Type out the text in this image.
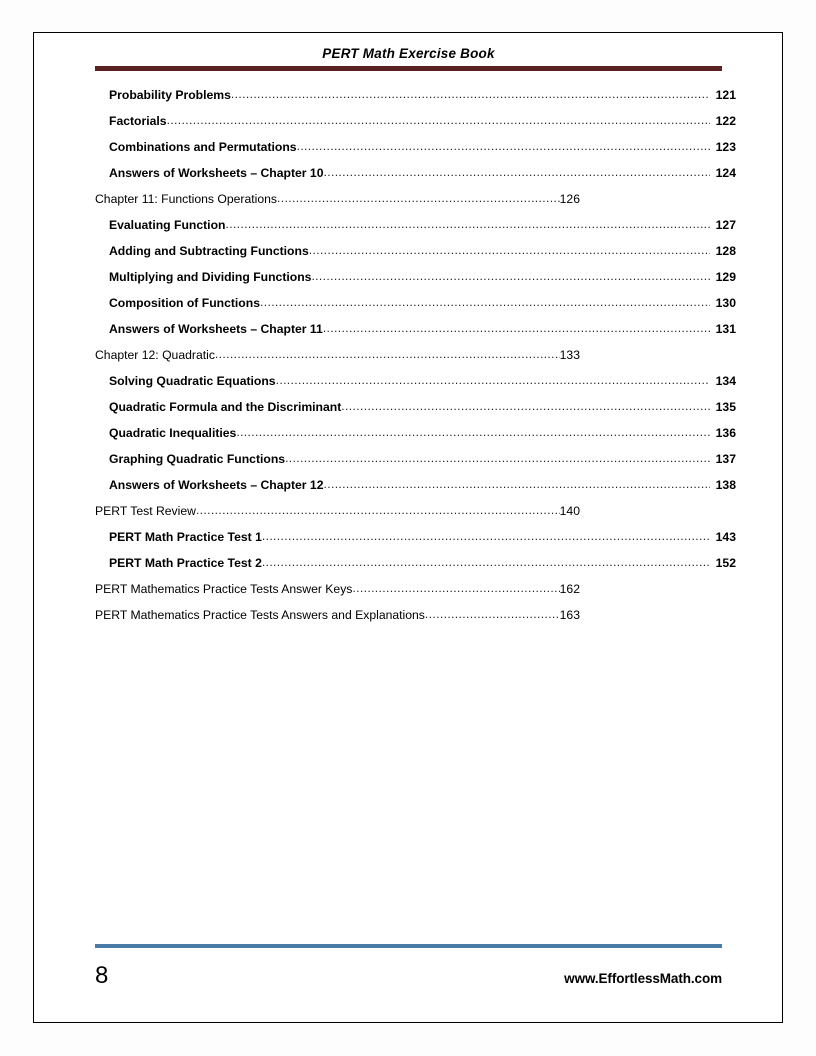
PERT Math Exercise Book
Probability Problems .....	121
Factorials .....	122
Combinations and Permutations .....	123
Answers of Worksheets – Chapter 10 .....	124
Chapter 11: Functions Operations .....	126
Evaluating Function .....	127
Adding and Subtracting Functions .....	128
Multiplying and Dividing Functions .....	129
Composition of Functions .....	130
Answers of Worksheets – Chapter 11 .....	131
Chapter 12: Quadratic .....	133
Solving Quadratic Equations .....	134
Quadratic Formula and the Discriminant .....	135
Quadratic Inequalities .....	136
Graphing Quadratic Functions .....	137
Answers of Worksheets – Chapter 12 .....	138
PERT Test Review .....	140
PERT Math Practice Test 1 .....	143
PERT Math Practice Test 2 .....	152
PERT Mathematics Practice Tests Answer Keys .....	162
PERT Mathematics Practice Tests Answers and Explanations .....	163
8	www.EffortlessMath.com
